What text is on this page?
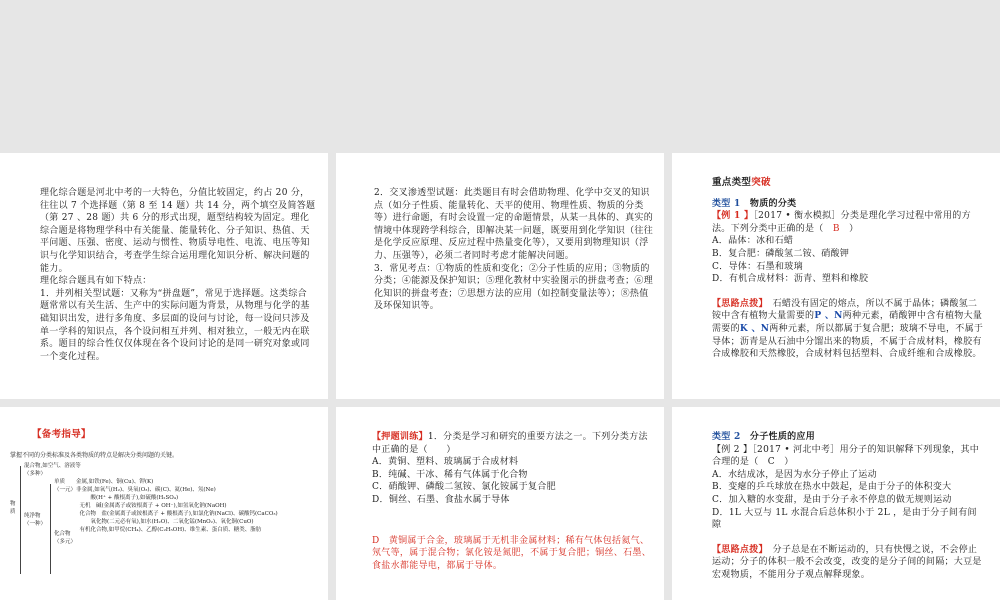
理化综合题是河北中考的一大特色，分值比较固定，约占 20 分，往往以 7 个选择题（第 8 至 14 题）共 14 分，两个填空及简答题（第 27 、28 题）共 6 分的形式出现，题型结构较为固定。理化综合题是将物理学科中有关能量、能量转化、分子知识、热值、天平问题、压强、密度、运动与惯性、物质导电性、电流、电压等知识与化学知识结合，考查学生综合运用理化知识分析、解决问题的能力。

理化综合题具有如下特点：

1．并列相关型试题：又称为“拼盘题”，常见于选择题。这类综合题常常以有关生活、生产中的实际问题为背景，从物理与化学的基础知识出发，进行多角度、多层面的设问与讨论，每一设问只涉及单一学科的知识点，各个设问相互并列、相对独立，一般无内在联系。题目的综合性仅仅体现在各个设问讨论的是同一研究对象或同一个变化过程。

2．交叉渗透型试题：此类题目有时会借助物理、化学中交叉的知识点（如分子性质、能量转化、天平的使用、物理性质、物质的分类等）进行命题，有时会设置一定的命题情景，从某一具体的、真实的情境中体现跨学科综合，即解决某一问题，既要用到化学知识（往往是化学反应原理、反应过程中热量变化等），又要用到物理知识（浮力、压强等），必须二者同时考虑才能解决问题。

3．常见考点：①物质的性质和变化；②分子性质的应用；③物质的分类；④能源及保护知识；⑤理化教材中实验图示的拼盘考查；⑥理化知识的拼盘考查；⑦思想方法的应用（如控制变量法等）；⑧热值及环保知识等。

重点类型突破

类型 1　 物质的分类

【例 1 】［2017 • 衡水模拟］分类是理化学习过程中常用的方法。下列分类中正确的是（　 B　 ）

A．晶体：冰和石蜡

B．复合肥：磷酸氢二铵、硝酸钾

C．导体：石墨和玻璃

D．有机合成材料：沥青、塑料和橡胶

【思路点拨】　 石蜡没有固定的熔点，所以不属于晶体；磷酸氢二铵中含有植物大量需要的P 、N两种元素，硝酸钾中含有植物大量需要的K 、N两种元素，所以都属于复合肥；玻璃不导电，不属于导体；沥青是从石油中分馏出来的物质，不属于合成材料，橡胶有合成橡胶和天然橡胶，合成材料包括塑料、合成纤维和合成橡胶。

【备考指导】

掌握不同的分类标准及各类物质的特点是解决分类问题的关键。
物质
纯净物
（一种）
化合物
（多元）
混合物,如空气、溶液等
（多种）
单质　　金属,如铁(Fe)、铜(Cu)、钾(K)
（一元）非金属,如氧气(H₂)、臭氧(O₃)、碳(C)、氦(He)、氖(Ne)
　　　酸(H⁺ + 酸根离子),如硫酸(H₂SO₄)
　无机　碱(金属离子或铵根离子 + OH⁻),如氢氧化钠(NaOH)
　化合物　盐(金属离子或铵根离子 + 酸根离子),如氯化钠(NaCl)、碳酸钙(CaCO₃)
　　　氧化物(二元必有氧),如水(H₂O)、二氧化锰(MnO₂)、氧化铜(CuO)
　有机化合物,如甲烷(CH₄)、乙醇(C₂H₅OH)、维生素、蛋白质、糖类、脂肪

【押题训练】1．分类是学习和研究的重要方法之一。下列分类方法中正确的是（　　）

A．黄铜、塑料、玻璃属于合成材料

B．纯碱、干冰、稀有气体属于化合物

C．硝酸钾、磷酸二氢铵、氯化铵属于复合肥

D．铜丝、石墨、食盐水属于导体

D　黄铜属于合金，玻璃属于无机非金属材料；稀有气体包括氦气、氖气等，属于混合物；氯化铵是氮肥，不属于复合肥；铜丝、石墨、食盐水都能导电，都属于导体。

类型 2　 分子性质的应用

【例 2 】［2017 • 河北中考］用分子的知识解释下列现象，其中合理的是（　C　）

A．水结成冰，是因为水分子停止了运动

B．变瘪的乒乓球放在热水中鼓起，是由于分子的体积变大

C．加入糖的水变甜，是由于分子永不停息的做无规则运动

D．1L 大豆与 1L 水混合后总体积小于 2L ，是由于分子间有间隙

【思路点拨】　 分子总是在不断运动的，只有快慢之说，不会停止运动；分子的体积一般不会改变，改变的是分子间的间隔；大豆是宏观物质，不能用分子观点解释现象。
